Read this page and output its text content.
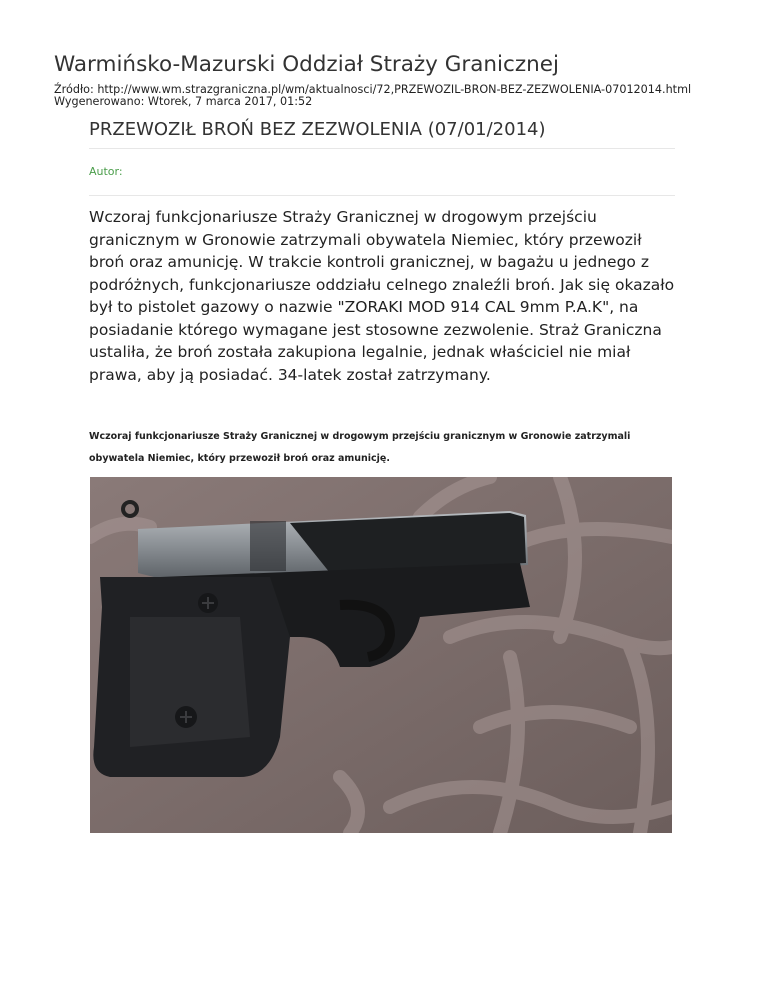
Warmińsko-Mazurski Oddział Straży Granicznej
Źródło: http://www.wm.strazgraniczna.pl/wm/aktualnosci/72,PRZEWOZIL-BRON-BEZ-ZEZWOLENIA-07012014.html
Wygenerowano: Wtorek, 7 marca 2017, 01:52
PRZEWOZIŁ BROŃ BEZ ZEZWOLENIA (07/01/2014)
Autor:
Wczoraj funkcjonariusze Straży Granicznej w drogowym przejściu granicznym w Gronowie zatrzymali obywatela Niemiec, który przewoził broń oraz amunicję. W trakcie kontroli granicznej, w bagażu u jednego z podróżnych, funkcjonariusze oddziału celnego znaleźli broń. Jak się okazało był to pistolet gazowy o nazwie "ZORAKI MOD 914 CAL 9mm P.A.K", na posiadanie którego wymagane jest stosowne zezwolenie. Straż Graniczna ustaliła, że broń została zakupiona legalnie, jednak właściciel nie miał prawa, aby ją posiadać. 34-latek został zatrzymany.
Wczoraj funkcjonariusze Straży Granicznej w drogowym przejściu granicznym w Gronowie zatrzymali obywatela Niemiec, który przewoził broń oraz amunicję.
